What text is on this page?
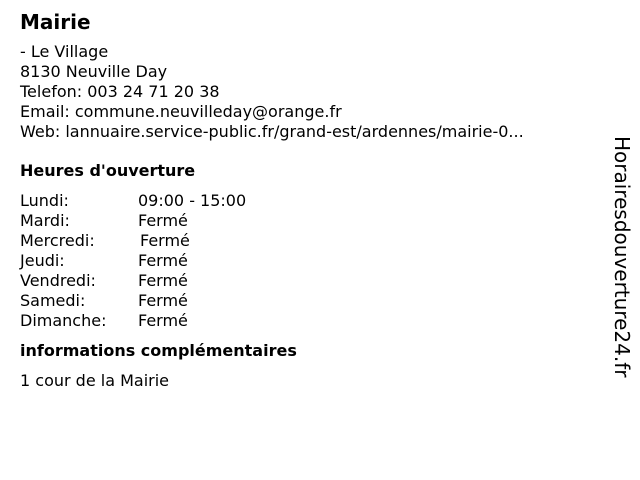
Mairie
- Le Village
8130 Neuville Day
Telefon: 003 24 71 20 38
Email: commune.neuvilleday@orange.fr
Web: lannuaire.service-public.fr/grand-est/ardennes/mairie-0...
Heures d'ouverture
Lundi:	09:00 - 15:00
Mardi:	Fermé
Mercredi:	Fermé
Jeudi:	Fermé
Vendredi:	Fermé
Samedi:	Fermé
Dimanche: Fermé
informations complémentaires
1 cour de la Mairie
Horairesdouverture24.fr
